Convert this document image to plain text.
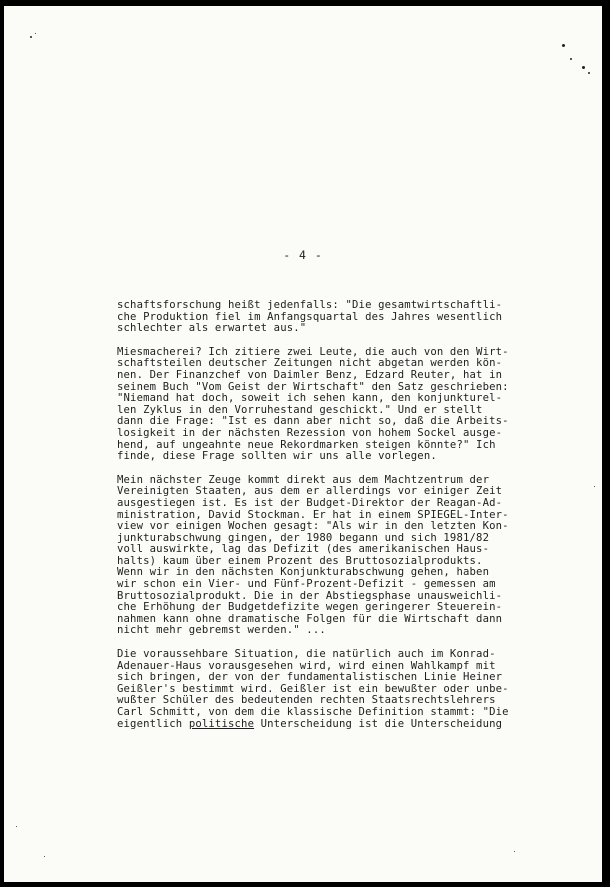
- 4 -
schaftsforschung heißt jedenfalls: "Die gesamtwirtschaftli-
che Produktion fiel im Anfangsquartal des Jahres wesentlich
schlechter als erwartet aus."
Miesmacherei? Ich zitiere zwei Leute, die auch von den Wirt-
schaftsteilen deutscher Zeitungen nicht abgetan werden kön-
nen. Der Finanzchef von Daimler Benz, Edzard Reuter, hat in
seinem Buch "Vom Geist der Wirtschaft" den Satz geschrieben:
"Niemand hat doch, soweit ich sehen kann, den konjunkturel-
len Zyklus in den Vorruhestand geschickt." Und er stellt
dann die Frage: "Ist es dann aber nicht so, daß die Arbeits-
losigkeit in der nächsten Rezession von hohem Sockel ausge-
hend, auf ungeahnte neue Rekordmarken steigen könnte?" Ich
finde, diese Frage sollten wir uns alle vorlegen.
Mein nächster Zeuge kommt direkt aus dem Machtzentrum der
Vereinigten Staaten, aus dem er allerdings vor einiger Zeit
ausgestiegen ist. Es ist der Budget-Direktor der Reagan-Ad-
ministration, David Stockman. Er hat in einem SPIEGEL-Inter-
view vor einigen Wochen gesagt: "Als wir in den letzten Kon-
junkturabschwung gingen, der 1980 begann und sich 1981/82
voll auswirkte, lag das Defizit (des amerikanischen Haus-
halts) kaum über einem Prozent des Bruttosozialprodukts.
Wenn wir in den nächsten Konjunkturabschwung gehen, haben
wir schon ein Vier- und Fünf-Prozent-Defizit - gemessen am
Bruttosozialprodukt. Die in der Abstiegsphase unausweichli-
che Erhöhung der Budgetdefizite wegen geringerer Steuerein-
nahmen kann ohne dramatische Folgen für die Wirtschaft dann
nicht mehr gebremst werden." ...
Die voraussehbare Situation, die natürlich auch im Konrad-
Adenauer-Haus vorausgesehen wird, wird einen Wahlkampf mit
sich bringen, der von der fundamentalistischen Linie Heiner
Geißler's bestimmt wird. Geißler ist ein bewußter oder unbe-
wußter Schüler des bedeutenden rechten Staatsrechtslehrers
Carl Schmitt, von dem die klassische Definition stammt: "Die
eigentlich politische Unterscheidung ist die Unterscheidung
